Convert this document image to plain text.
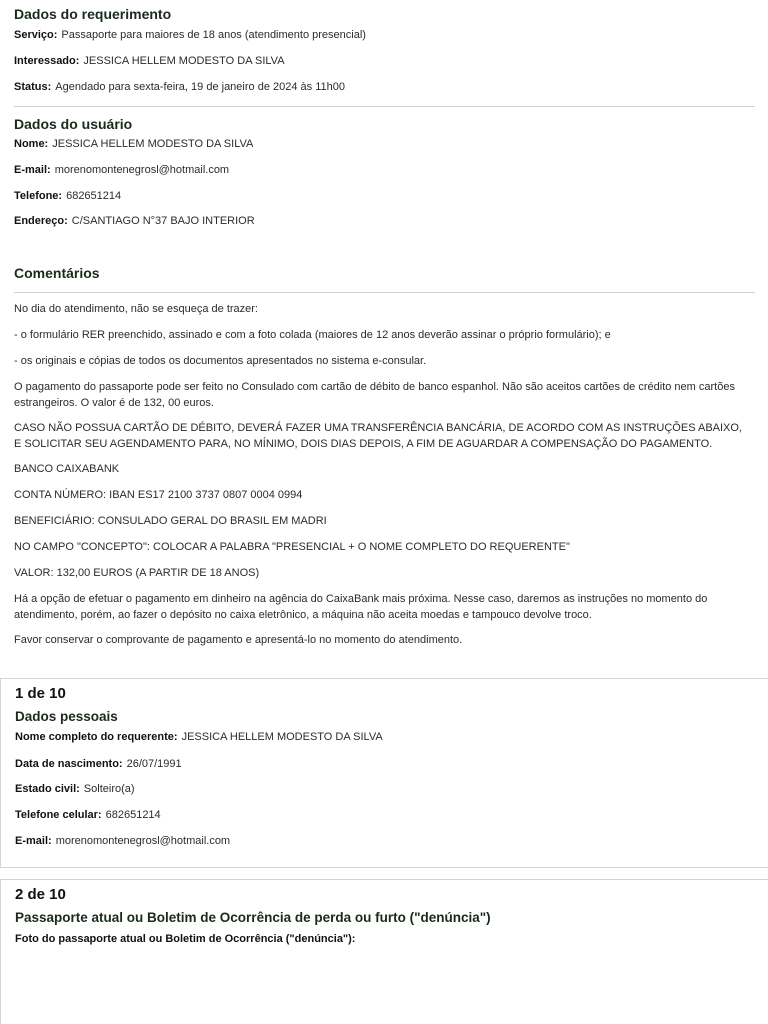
Dados do requerimento
Serviço: Passaporte para maiores de 18 anos (atendimento presencial)
Interessado: JESSICA HELLEM MODESTO DA SILVA
Status: Agendado para sexta-feira, 19 de janeiro de 2024 às 11h00
Dados do usuário
Nome: JESSICA HELLEM MODESTO DA SILVA
E-mail: morenomontenegrosl@hotmail.com
Telefone: 682651214
Endereço: C/SANTIAGO N°37 BAJO INTERIOR
Comentários
No dia do atendimento, não se esqueça de trazer:
- o formulário RER preenchido, assinado e com a foto colada (maiores de 12 anos deverão assinar o próprio formulário); e
- os originais e cópias de todos os documentos apresentados no sistema e-consular.
O pagamento do passaporte pode ser feito no Consulado com cartão de débito de banco espanhol. Não são aceitos cartões de crédito nem cartões estrangeiros. O valor é de 132, 00 euros.
CASO NÃO POSSUA CARTÃO DE DÉBITO, DEVERÁ FAZER UMA TRANSFERÊNCIA BANCÁRIA, DE ACORDO COM AS INSTRUÇÕES ABAIXO, E SOLICITAR SEU AGENDAMENTO PARA, NO MÍNIMO, DOIS DIAS DEPOIS, A FIM DE AGUARDAR A COMPENSAÇÃO DO PAGAMENTO.
BANCO CAIXABANK
CONTA NÚMERO: IBAN ES17 2100 3737 0807 0004 0994
BENEFICIÁRIO: CONSULADO GERAL DO BRASIL EM MADRI
NO CAMPO "CONCEPTO": COLOCAR A PALABRA "PRESENCIAL + O NOME COMPLETO DO REQUERENTE"
VALOR: 132,00 EUROS (A PARTIR DE 18 ANOS)
Há a opção de efetuar o pagamento em dinheiro na agência do CaixaBank mais próxima. Nesse caso, daremos as instruções no momento do atendimento, porém, ao fazer o depósito no caixa eletrônico, a máquina não aceita moedas e tampouco devolve troco.
Favor conservar o comprovante de pagamento e apresentá-lo no momento do atendimento.
1 de 10
Dados pessoais
Nome completo do requerente: JESSICA HELLEM MODESTO DA SILVA
Data de nascimento: 26/07/1991
Estado civil: Solteiro(a)
Telefone celular: 682651214
E-mail: morenomontenegrosl@hotmail.com
2 de 10
Passaporte atual ou Boletim de Ocorrência de perda ou furto ("denúncia")
Foto do passaporte atual ou Boletim de Ocorrência ("denúncia"):
